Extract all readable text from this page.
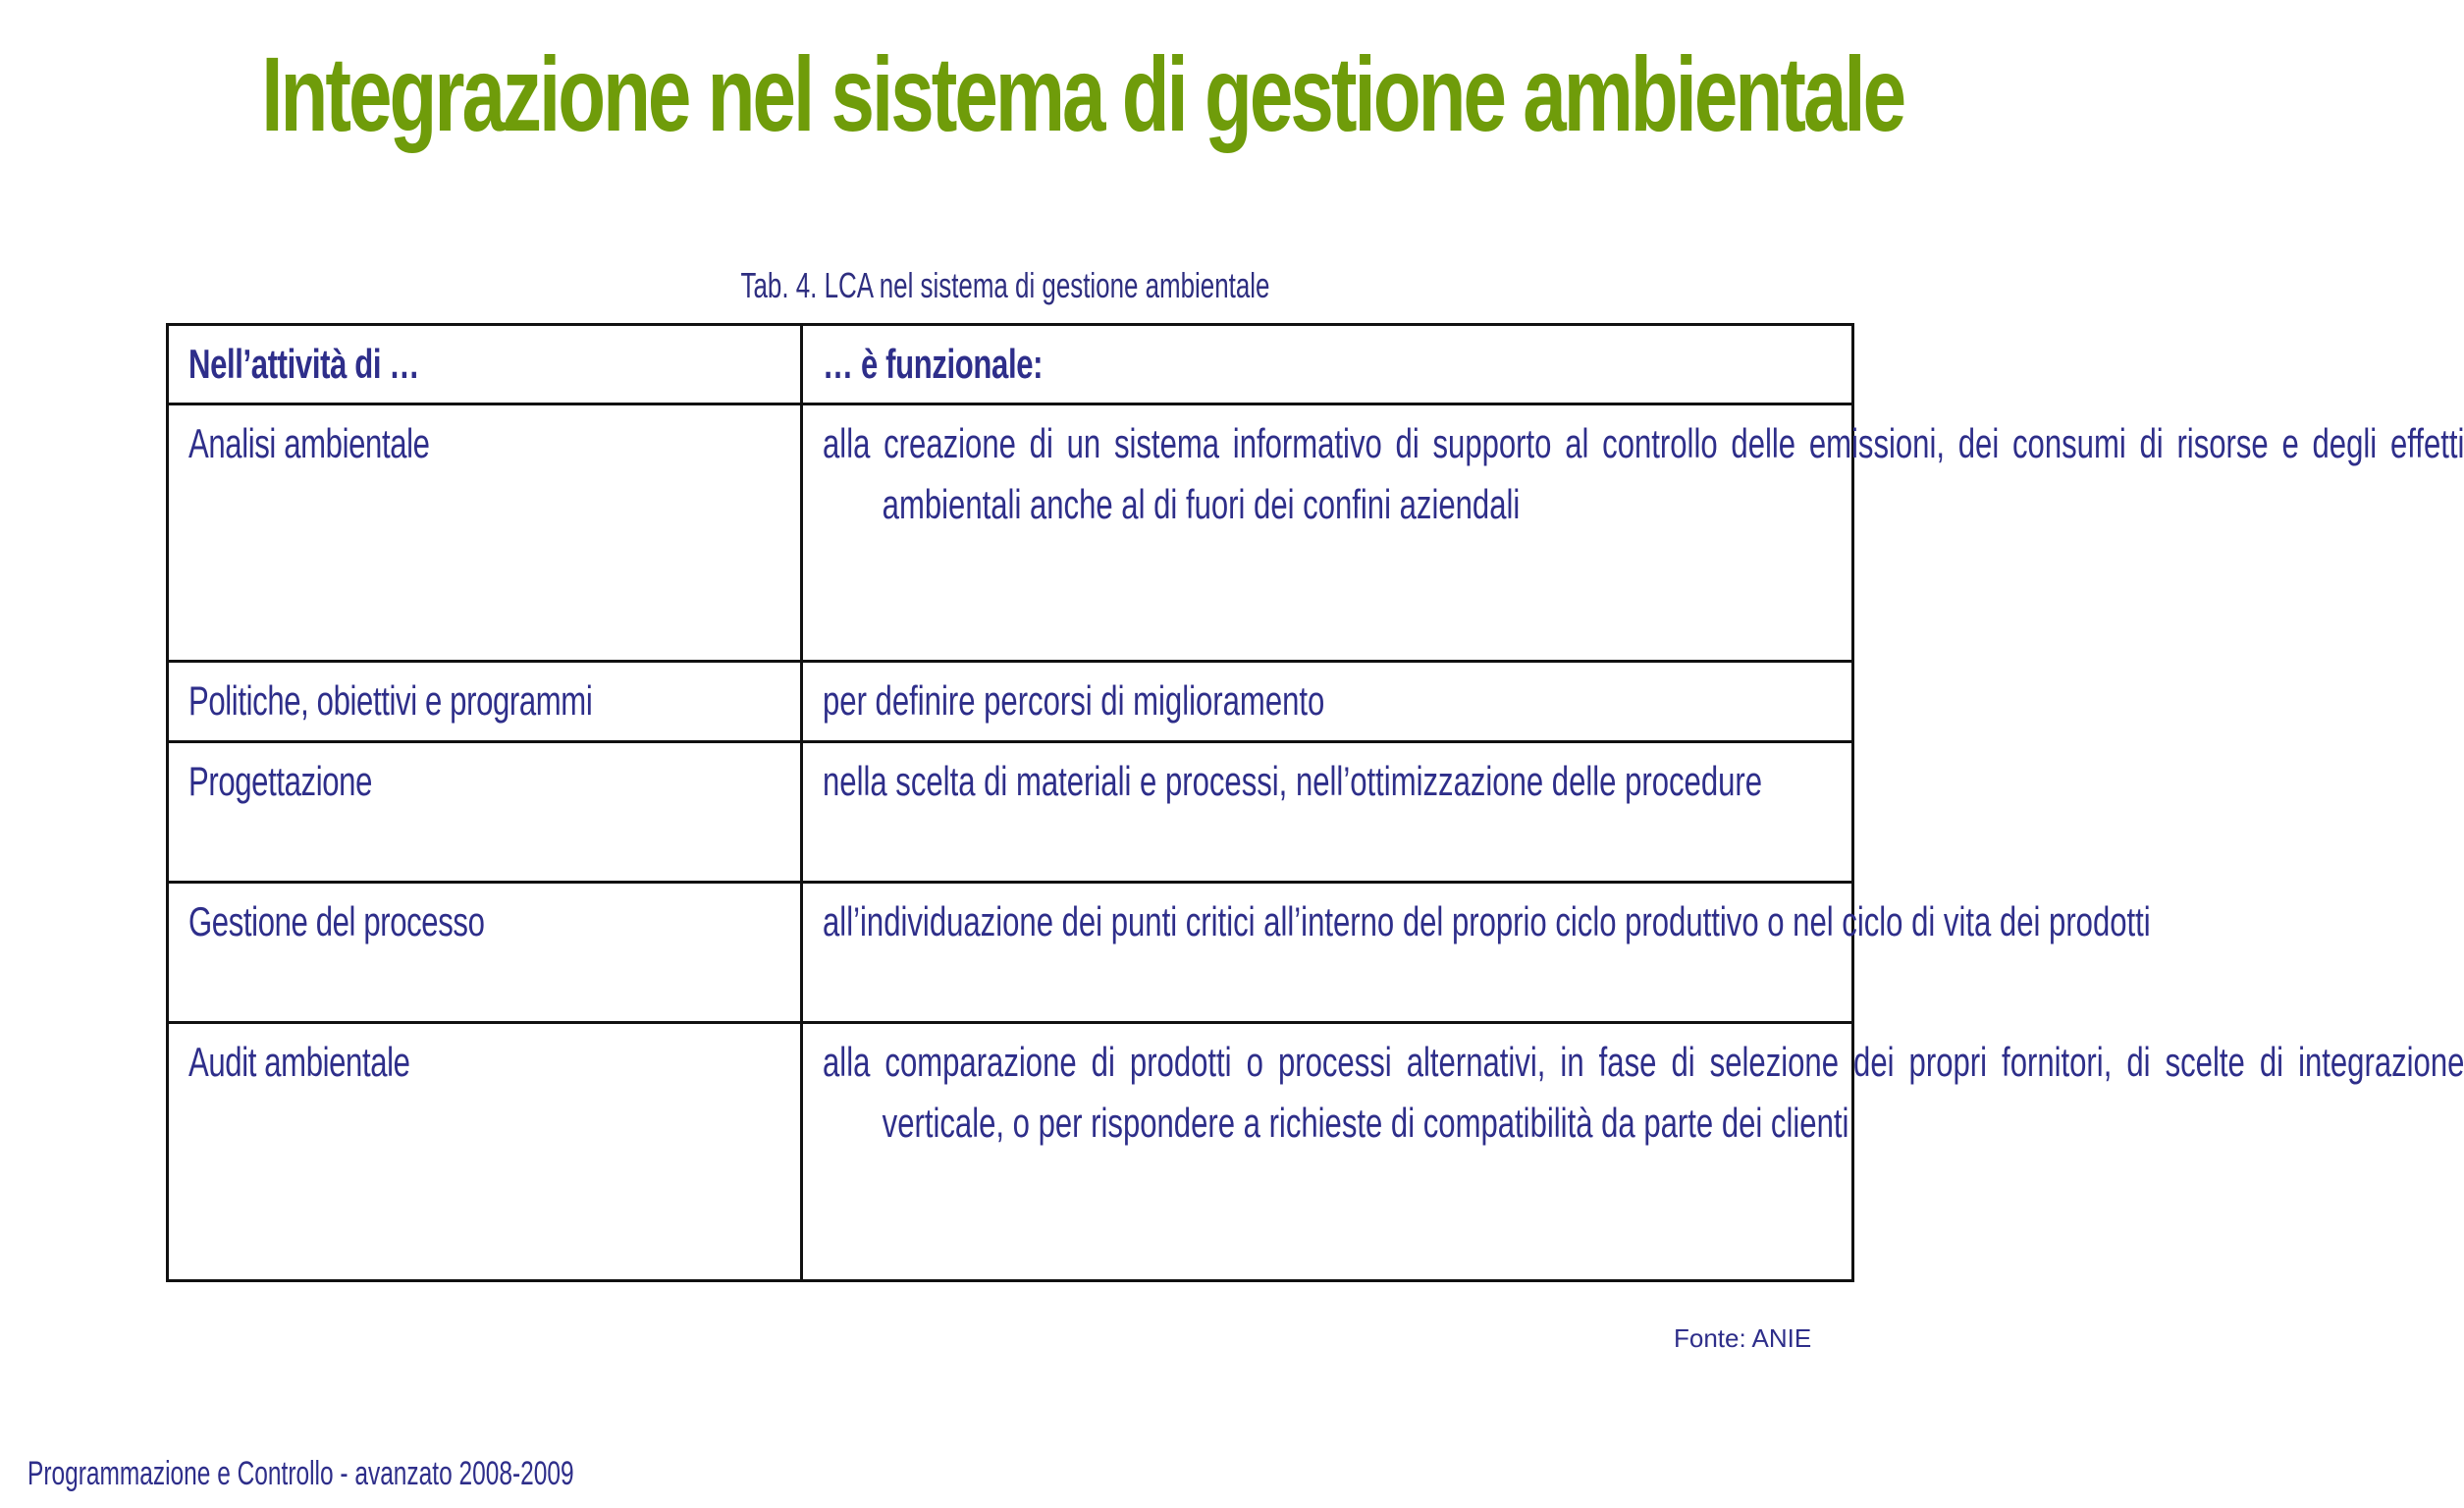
Integrazione nel sistema di gestione ambientale
Tab. 4. LCA nel sistema di gestione ambientale
Nell’attività di …	… è funzionale:

Analisi ambientale	alla creazione di un sistema informativo di supporto al controllo delle emissioni, dei consumi di risorse e degli effetti ambientali anche al di fuori dei confini aziendali

Politiche, obiettivi e programmi	per definire percorsi di miglioramento

Progettazione	nella scelta di materiali e processi, nell’ottimizzazione delle procedure

Gestione del processo	all’individuazione dei punti critici all’interno del proprio ciclo produttivo o nel ciclo di vita dei prodotti

Audit ambientale	alla comparazione di prodotti o processi alternativi, in fase di selezione dei propri fornitori, di scelte di integrazione verticale, o per rispondere a richieste di compatibilità da parte dei clienti
Fonte: ANIE
Programmazione e Controllo - avanzato 2008-2009
